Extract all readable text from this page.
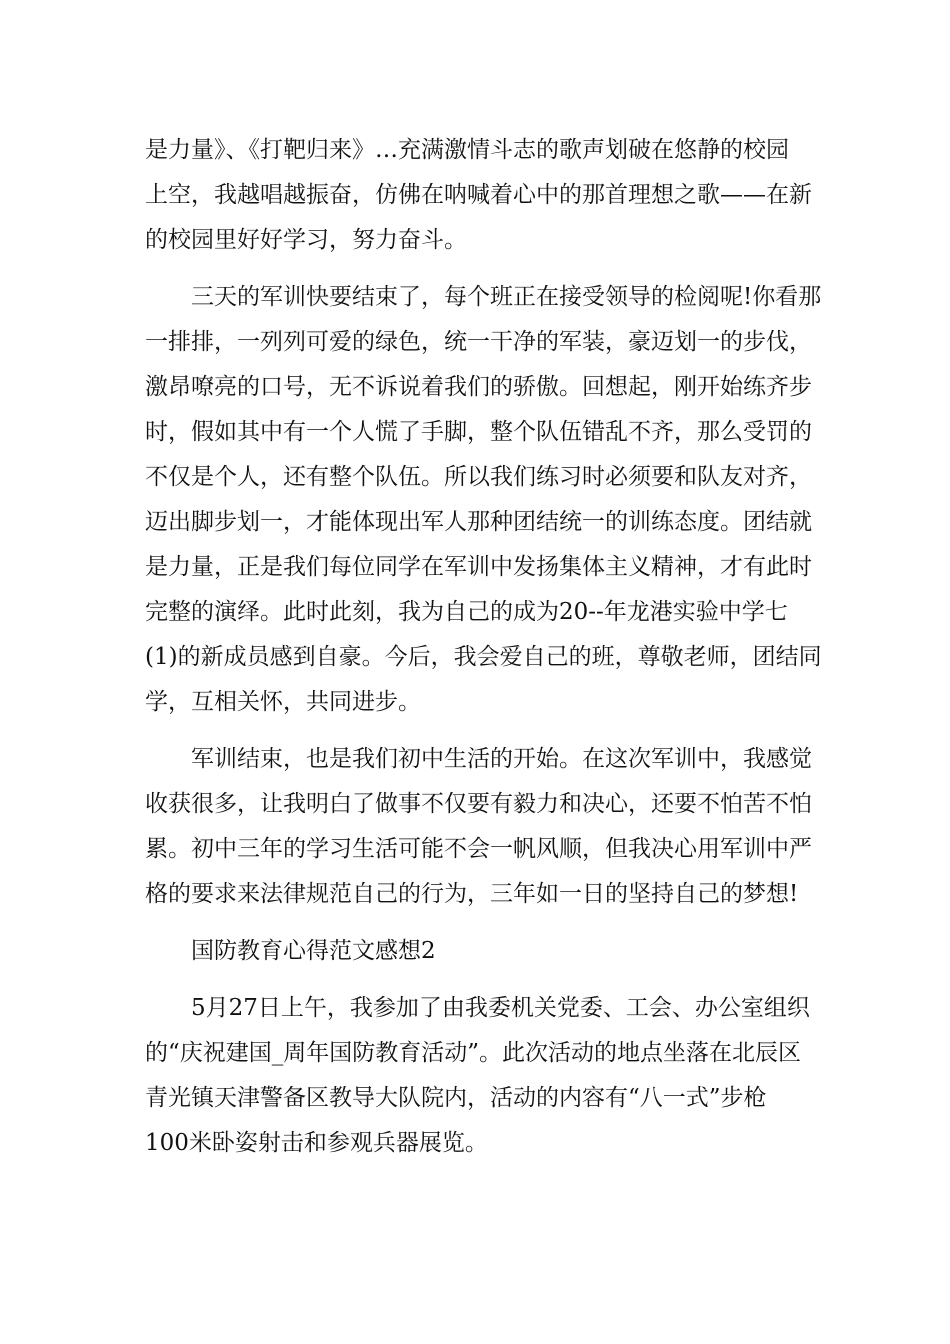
是力量》、《打靶归来》…充满激情斗志的歌声划破在悠静的校园
上空，我越唱越振奋，仿佛在呐喊着心中的那首理想之歌——在新
的校园里好好学习，努力奋斗。
　　三天的军训快要结束了，每个班正在接受领导的检阅呢!你看那
一排排，一列列可爱的绿色，统一干净的军装，豪迈划一的步伐，
激昂嘹亮的口号，无不诉说着我们的骄傲。回想起，刚开始练齐步
时，假如其中有一个人慌了手脚，整个队伍错乱不齐，那么受罚的
不仅是个人，还有整个队伍。所以我们练习时必须要和队友对齐，
迈出脚步划一，才能体现出军人那种团结统一的训练态度。团结就
是力量，正是我们每位同学在军训中发扬集体主义精神，才有此时
完整的演绎。此时此刻，我为自己的成为20--年龙港实验中学七
(1)的新成员感到自豪。今后，我会爱自己的班，尊敬老师，团结同
学，互相关怀，共同进步。
　　军训结束，也是我们初中生活的开始。在这次军训中，我感觉
收获很多，让我明白了做事不仅要有毅力和决心，还要不怕苦不怕
累。初中三年的学习生活可能不会一帆风顺，但我决心用军训中严
格的要求来法律规范自己的行为，三年如一日的坚持自己的梦想!
　　国防教育心得范文感想2
　　5月27日上午，我参加了由我委机关党委、工会、办公室组织
的“庆祝建国_周年国防教育活动”。此次活动的地点坐落在北辰区
青光镇天津警备区教导大队院内，活动的内容有“八一式”步枪
100米卧姿射击和参观兵器展览。
